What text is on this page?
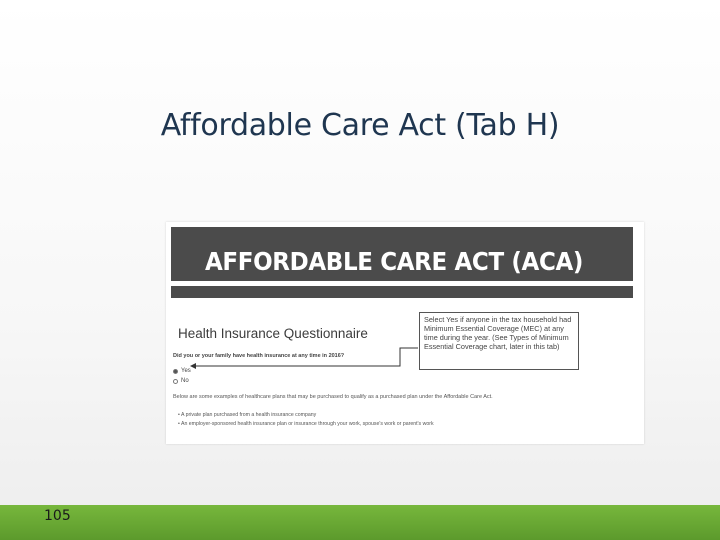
Affordable Care Act (Tab H)
AFFORDABLE CARE ACT (ACA)
Health Insurance Questionnaire
Select Yes if anyone in the tax household had Minimum Essential Coverage (MEC) at any time during the year. (See Types of Minimum Essential Coverage chart, later in this tab)
Did you or your family have health insurance at any time in 2016?
Yes
No
Below are some examples of healthcare plans that may be purchased to qualify as a purchased plan under the Affordable Care Act.
• A private plan purchased from a health insurance company
• An employer-sponsored health insurance plan or insurance through your work, spouse's work or parent's work
105
